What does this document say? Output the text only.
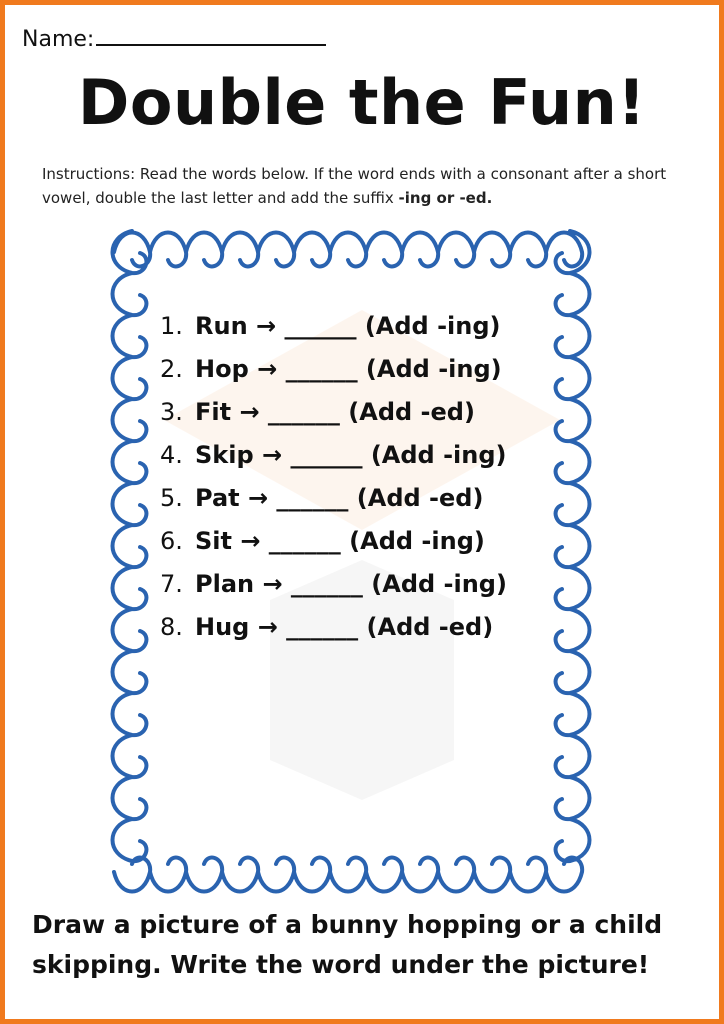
Name:
Double the Fun!
Instructions: Read the words below. If the word ends with a consonant after a short vowel, double the last letter and add the suffix -ing or -ed.
1. Run → ______ (Add -ing)
2. Hop → ______ (Add -ing)
3. Fit → ______ (Add -ed)
4. Skip → ______ (Add -ing)
5. Pat → ______ (Add -ed)
6. Sit → ______ (Add -ing)
7. Plan → ______ (Add -ing)
8. Hug → ______ (Add -ed)
Draw a picture of a bunny hopping or a child skipping. Write the word under the picture!
